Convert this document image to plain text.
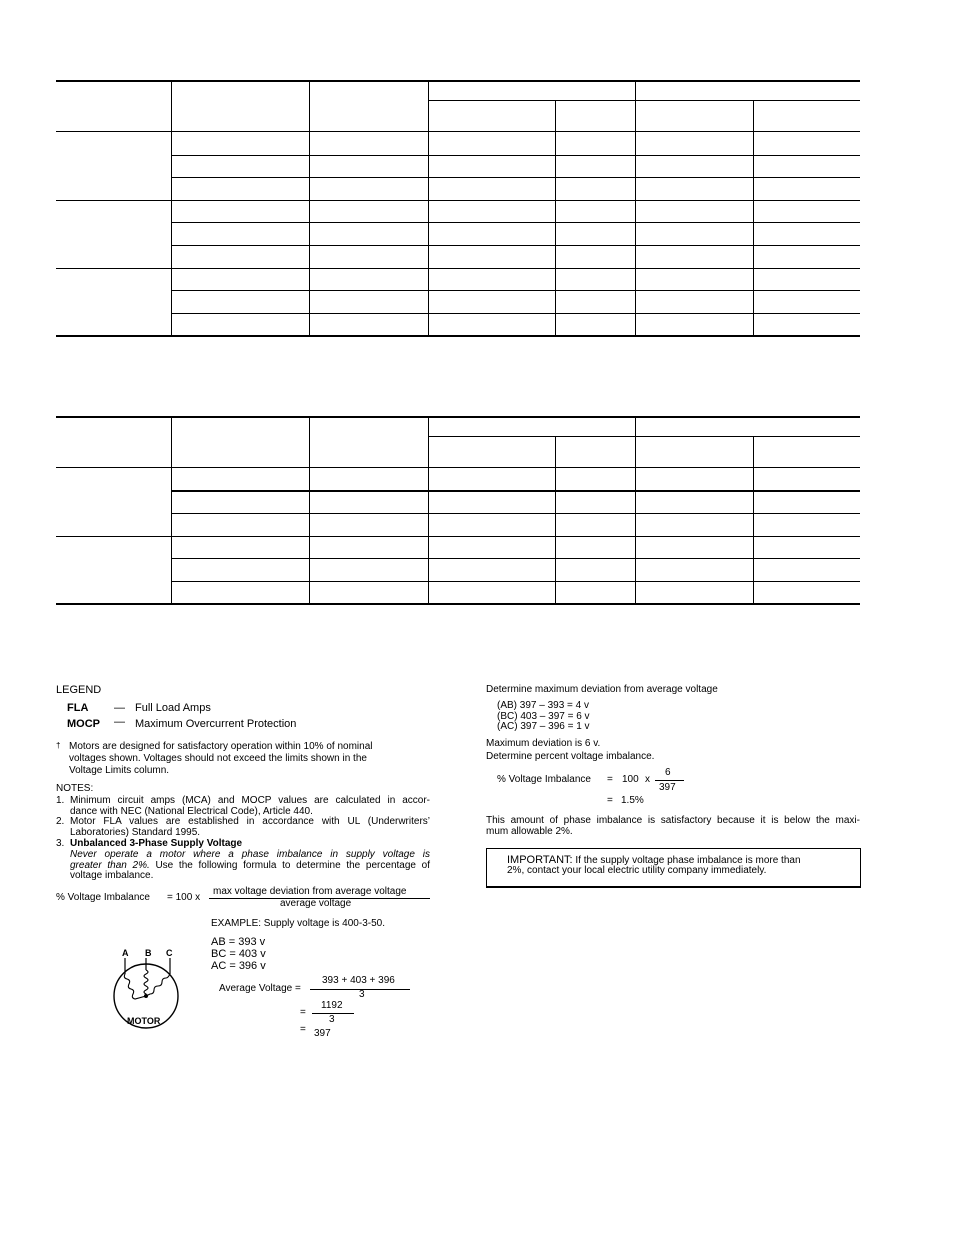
LEGEND
FLA — Full Load Amps
MOCP — Maximum Overcurrent Protection
† Motors are designed for satisfactory operation within 10% of nominal
voltages shown. Voltages should not exceed the limits shown in the
Voltage Limits column.
NOTES:
1. Minimum circuit amps (MCA) and MOCP values are calculated in accor-
dance with NEC (National Electrical Code), Article 440.
2. Motor FLA values are established in accordance with UL (Underwriters’
Laboratories) Standard 1995.
3. Unbalanced 3-Phase Supply Voltage
Never operate a motor where a phase imbalance in supply voltage is
greater than 2%. Use the following formula to determine the percentage of
voltage imbalance.
% Voltage Imbalance = 100 x
max voltage deviation from average voltage
average voltage
EXAMPLE: Supply voltage is 400-3-50.
AB = 393 v
BC = 403 v
AC = 396 v
Average Voltage =
393 + 403 + 396
3
=
1192
3
= 397
A B C
MOTOR
Determine maximum deviation from average voltage
(AB) 397 – 393 = 4 v
(BC) 403 – 397 = 6 v
(AC) 397 – 396 = 1 v
Maximum deviation is 6 v.
Determine percent voltage imbalance.
% Voltage Imbalance = 100 x
6
397
= 1.5%
This amount of phase imbalance is satisfactory because it is below the maxi-
mum allowable 2%.
IMPORTANT: If the supply voltage phase imbalance is more than
2%, contact your local electric utility company immediately.
